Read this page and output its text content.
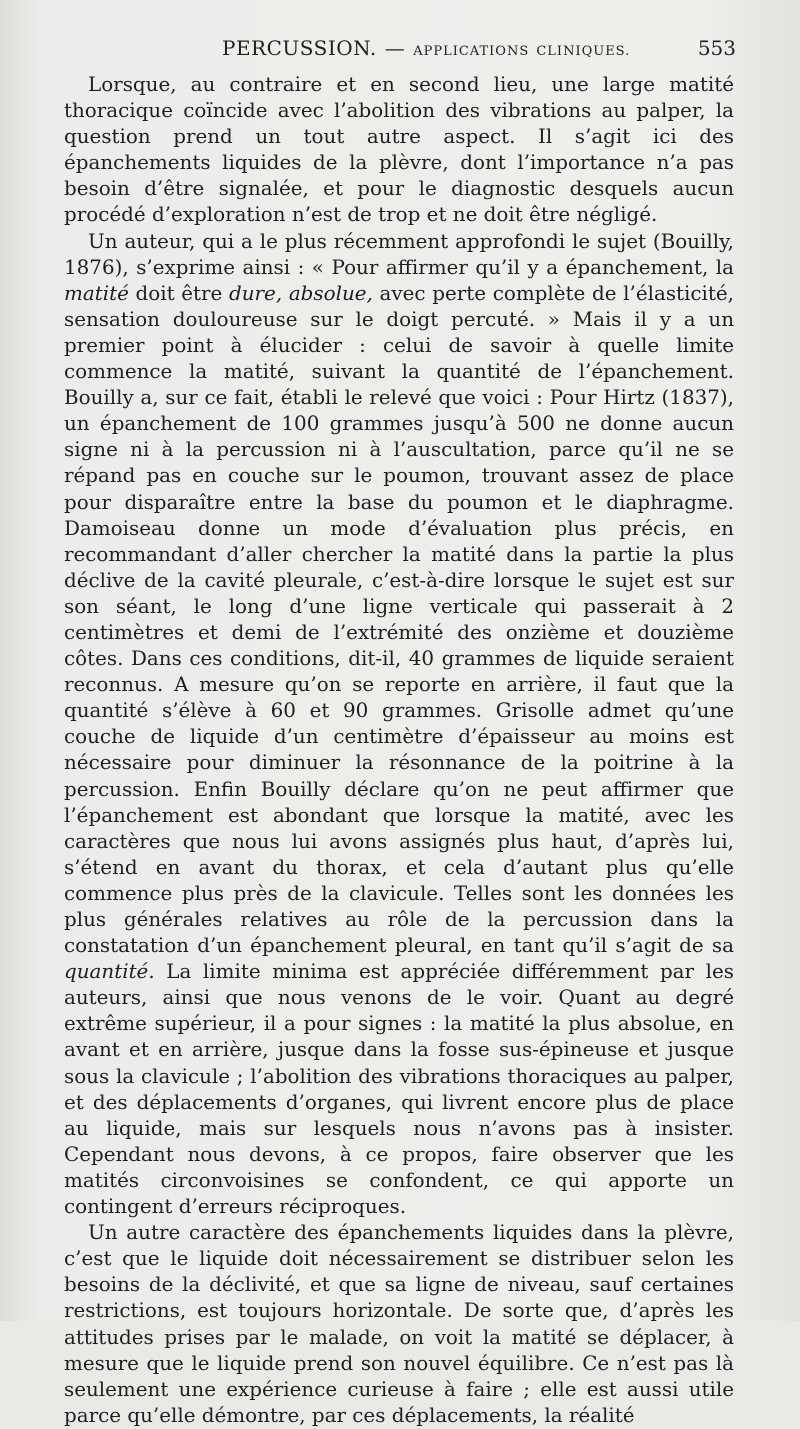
PERCUSSION. — APPLICATIONS CLINIQUES.	553

Lorsque, au contraire et en second lieu, une large matité thoracique coïncide avec l’abolition des vibrations au palper, la question prend un tout autre aspect. Il s’agit ici des épanchements liquides de la plèvre, dont l’importance n’a pas besoin d’être signalée, et pour le diagnostic desquels aucun procédé d’exploration n’est de trop et ne doit être négligé.

Un auteur, qui a le plus récemment approfondi le sujet (Bouilly, 1876), s’exprime ainsi : « Pour affirmer qu’il y a épanchement, la matité doit être dure, absolue, avec perte complète de l’élasticité, sensation douloureuse sur le doigt percuté. » Mais il y a un premier point à élucider : celui de savoir à quelle limite commence la matité, suivant la quantité de l’épanchement. Bouilly a, sur ce fait, établi le relevé que voici : Pour Hirtz (1837), un épanchement de 100 grammes jusqu’à 500 ne donne aucun signe ni à la percussion ni à l’auscultation, parce qu’il ne se répand pas en couche sur le poumon, trouvant assez de place pour disparaître entre la base du poumon et le diaphragme. Damoiseau donne un mode d’évaluation plus précis, en recommandant d’aller chercher la matité dans la partie la plus déclive de la cavité pleurale, c’est-à-dire lorsque le sujet est sur son séant, le long d’une ligne verticale qui passerait à 2 centimètres et demi de l’extrémité des onzième et douzième côtes. Dans ces conditions, dit-il, 40 grammes de liquide seraient reconnus. A mesure qu’on se reporte en arrière, il faut que la quantité s’élève à 60 et 90 grammes. Grisolle admet qu’une couche de liquide d’un centimètre d’épaisseur au moins est nécessaire pour diminuer la résonnance de la poitrine à la percussion. Enfin Bouilly déclare qu’on ne peut affirmer que l’épanchement est abondant que lorsque la matité, avec les caractères que nous lui avons assignés plus haut, d’après lui, s’étend en avant du thorax, et cela d’autant plus qu’elle commence plus près de la clavicule. Telles sont les données les plus générales relatives au rôle de la percussion dans la constatation d’un épanchement pleural, en tant qu’il s’agit de sa quantité. La limite minima est appréciée différemment par les auteurs, ainsi que nous venons de le voir. Quant au degré extrême supérieur, il a pour signes : la matité la plus absolue, en avant et en arrière, jusque dans la fosse sus-épineuse et jusque sous la clavicule ; l’abolition des vibrations thoraciques au palper, et des déplacements d’organes, qui livrent encore plus de place au liquide, mais sur lesquels nous n’avons pas à insister. Cependant nous devons, à ce propos, faire observer que les matités circonvoisines se confondent, ce qui apporte un contingent d’erreurs réciproques.

Un autre caractère des épanchements liquides dans la plèvre, c’est que le liquide doit nécessairement se distribuer selon les besoins de la déclivité, et que sa ligne de niveau, sauf certaines restrictions, est toujours horizontale. De sorte que, d’après les attitudes prises par le malade, on voit la matité se déplacer, à mesure que le liquide prend son nouvel équilibre. Ce n’est pas là seulement une expérience curieuse à faire ; elle est aussi utile parce qu’elle démontre, par ces déplacements, la réalité
